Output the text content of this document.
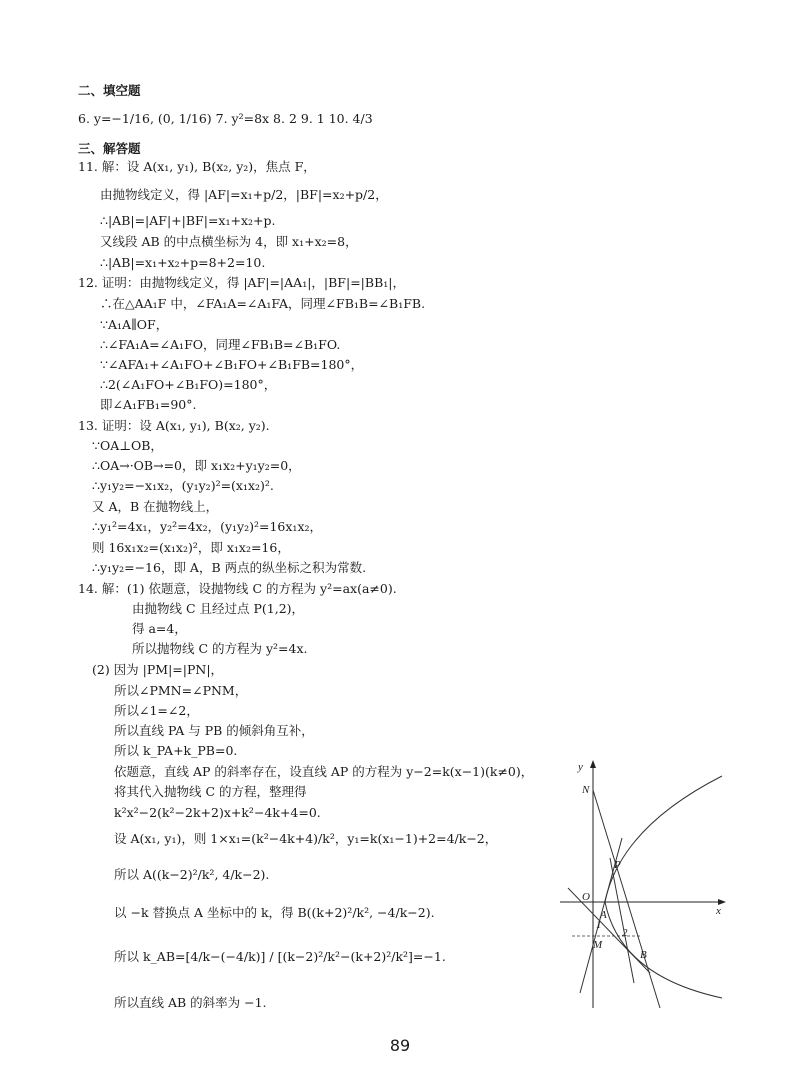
二、填空题
6. y=−1/16, (0, 1/16) 7. y²=8x 8. 2 9. 1 10. 4/3
三、解答题
11. 解：设 A(x₁, y₁), B(x₂, y₂)，焦点 F，
由抛物线定义，得 |AF|=x₁+p/2，|BF|=x₂+p/2，
∴|AB|=|AF|+|BF|=x₁+x₂+p.
又线段 AB 的中点横坐标为 4，即 x₁+x₂=8，
∴|AB|=x₁+x₂+p=8+2=10.
12. 证明：由抛物线定义，得 |AF|=|AA₁|，|BF|=|BB₁|，
∴在△AA₁F 中，∠FA₁A=∠A₁FA，同理∠FB₁B=∠B₁FB.
∵A₁A∥OF，
∴∠FA₁A=∠A₁FO，同理∠FB₁B=∠B₁FO.
∵∠AFA₁+∠A₁FO+∠B₁FO+∠B₁FB=180°，
∴2(∠A₁FO+∠B₁FO)=180°，
即∠A₁FB₁=90°.
13. 证明：设 A(x₁, y₁), B(x₂, y₂).
∵OA⊥OB，
∴OA→·OB→=0，即 x₁x₂+y₁y₂=0，
∴y₁y₂=−x₁x₂，(y₁y₂)²=(x₁x₂)².
又 A，B 在抛物线上，
∴y₁²=4x₁，y₂²=4x₂，(y₁y₂)²=16x₁x₂，
则 16x₁x₂=(x₁x₂)²，即 x₁x₂=16，
∴y₁y₂=−16，即 A，B 两点的纵坐标之积为常数.
14. 解：(1) 依题意，设抛物线 C 的方程为 y²=ax(a≠0).
由抛物线 C 且经过点 P(1,2)，
得 a=4，
所以抛物线 C 的方程为 y²=4x.
(2) 因为 |PM|=|PN|，
所以∠PMN=∠PNM，
所以∠1=∠2，
所以直线 PA 与 PB 的倾斜角互补，
所以 k_PA+k_PB=0.
依题意，直线 AP 的斜率存在，设直线 AP 的方程为 y−2=k(x−1)(k≠0)，
将其代入抛物线 C 的方程，整理得
k²x²−2(k²−2k+2)x+k²−4k+4=0.
设 A(x₁, y₁)，则 1×x₁=(k²−4k+4)/k²，y₁=k(x₁−1)+2=4/k−2，
所以 A((k−2)²/k², 4/k−2).
以 −k 替换点 A 坐标中的 k，得 B((k+2)²/k², −4/k−2).
所以 k_AB=[4/k−(−4/k)] / [(k−2)²/k²−(k+2)²/k²]=−1.
所以直线 AB 的斜率为 −1.
y
x
N
P
O
A
1
M
2
B
89
